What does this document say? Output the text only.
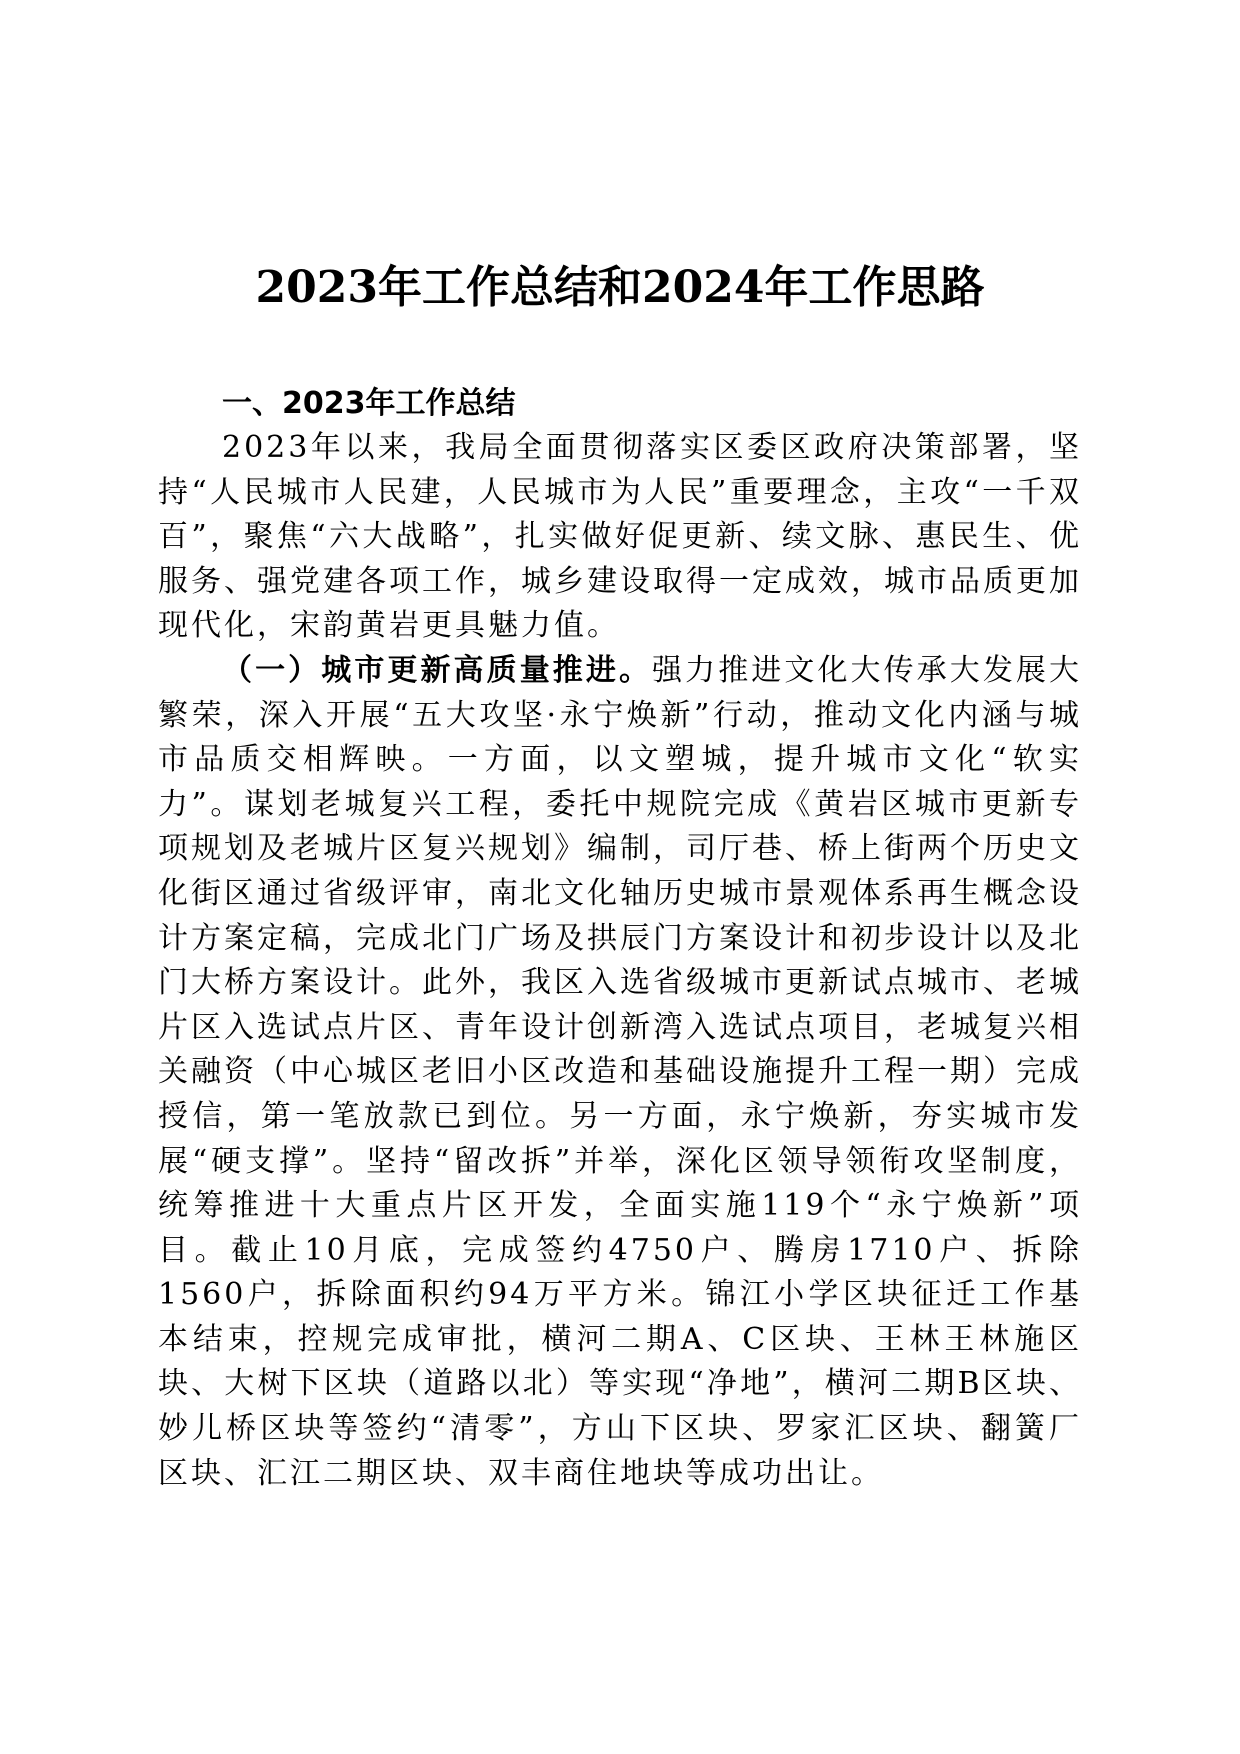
2023年工作总结和2024年工作思路
一、2023年工作总结

2023年以来，我局全面贯彻落实区委区政府决策部署，坚持“人民城市人民建，人民城市为人民”重要理念，主攻“一千双百”，聚焦“六大战略”，扎实做好促更新、续文脉、惠民生、优服务、强党建各项工作，城乡建设取得一定成效，城市品质更加现代化，宋韵黄岩更具魅力值。

（一）城市更新高质量推进。强力推进文化大传承大发展大繁荣，深入开展“五大攻坚·永宁焕新”行动，推动文化内涵与城市品质交相辉映。一方面，以文塑城，提升城市文化“软实力”。谋划老城复兴工程，委托中规院完成《黄岩区城市更新专项规划及老城片区复兴规划》编制，司厅巷、桥上街两个历史文化街区通过省级评审，南北文化轴历史城市景观体系再生概念设计方案定稿，完成北门广场及拱辰门方案设计和初步设计以及北门大桥方案设计。此外，我区入选省级城市更新试点城市、老城片区入选试点片区、青年设计创新湾入选试点项目，老城复兴相关融资（中心城区老旧小区改造和基础设施提升工程一期）完成授信，第一笔放款已到位。另一方面，永宁焕新，夯实城市发展“硬支撑”。坚持“留改拆”并举，深化区领导领衔攻坚制度，统筹推进十大重点片区开发，全面实施119个“永宁焕新”项目。截止10月底，完成签约4750户、腾房1710户、拆除1560户，拆除面积约94万平方米。锦江小学区块征迁工作基本结束，控规完成审批，横河二期A、C区块、王林王林施区块、大树下区块（道路以北）等实现“净地”，横河二期B区块、妙儿桥区块等签约“清零”，方山下区块、罗家汇区块、翻簧厂区块、汇江二期区块、双丰商住地块等成功出让。
